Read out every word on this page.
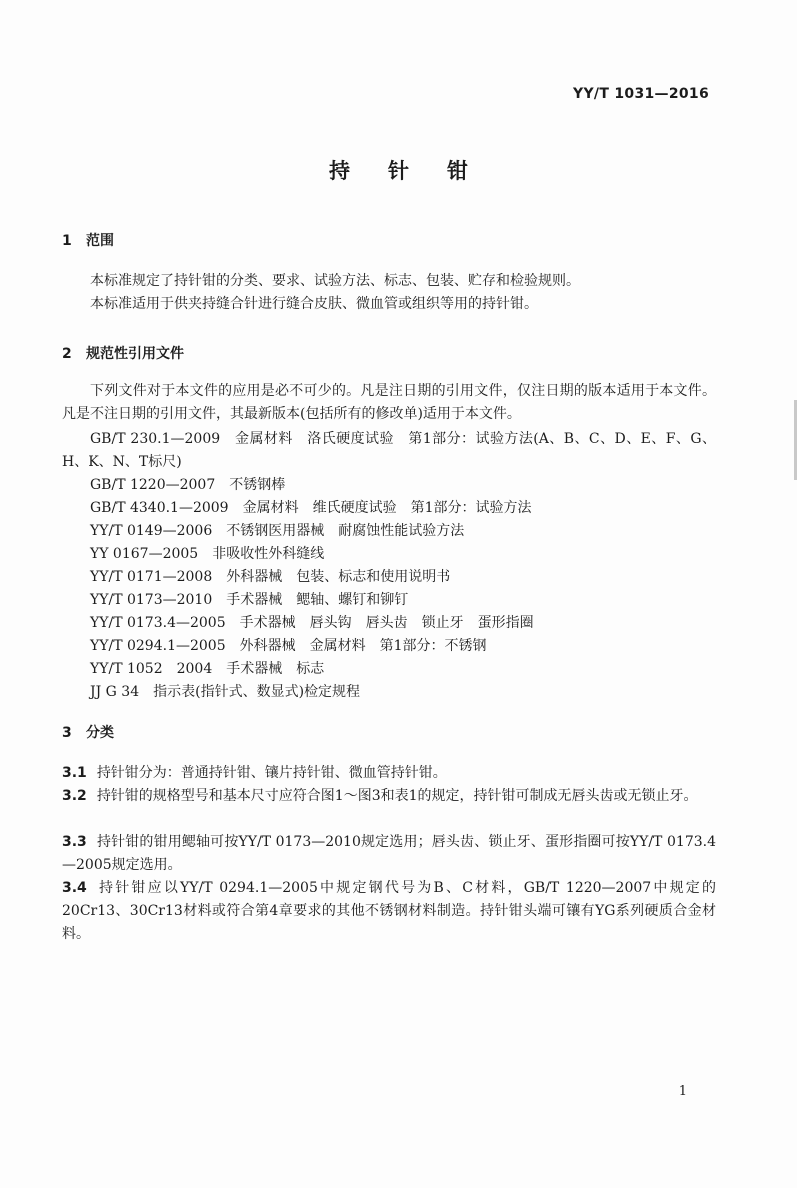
YY/T 1031—2016
持针钳
1 范围
本标准规定了持针钳的分类、要求、试验方法、标志、包装、贮存和检验规则。
本标准适用于供夹持缝合针进行缝合皮肤、微血管或组织等用的持针钳。
2 规范性引用文件
下列文件对于本文件的应用是必不可少的。凡是注日期的引用文件，仅注日期的版本适用于本文件。凡是不注日期的引用文件，其最新版本(包括所有的修改单)适用于本文件。
GB/T 230.1—2009　金属材料　洛氏硬度试验　第1部分：试验方法(A、B、C、D、E、F、G、H、K、N、T标尺)
GB/T 1220—2007　不锈钢棒
GB/T 4340.1—2009　金属材料　维氏硬度试验　第1部分：试验方法
YY/T 0149—2006　不锈钢医用器械　耐腐蚀性能试验方法
YY 0167—2005　非吸收性外科缝线
YY/T 0171—2008　外科器械　包装、标志和使用说明书
YY/T 0173—2010　手术器械　鳃轴、螺钉和铆钉
YY/T 0173.4—2005　手术器械　唇头钩　唇头齿　锁止牙　蛋形指圈
YY/T 0294.1—2005　外科器械　金属材料　第1部分：不锈钢
YY/T 1052　2004　手术器械　标志
JJ G 34　指示表(指针式、数显式)检定规程
3 分类
3.1 持针钳分为：普通持针钳、镶片持针钳、微血管持针钳。
3.2 持针钳的规格型号和基本尺寸应符合图1～图3和表1的规定，持针钳可制成无唇头齿或无锁止牙。
3.3 持针钳的钳用鳃轴可按YY/T 0173—2010规定选用；唇头齿、锁止牙、蛋形指圈可按YY/T 0173.4—2005规定选用。
3.4 持针钳应以YY/T 0294.1—2005中规定钢代号为B、C材料，GB/T 1220—2007中规定的20Cr13、30Cr13材料或符合第4章要求的其他不锈钢材料制造。持针钳头端可镶有YG系列硬质合金材料。
1
